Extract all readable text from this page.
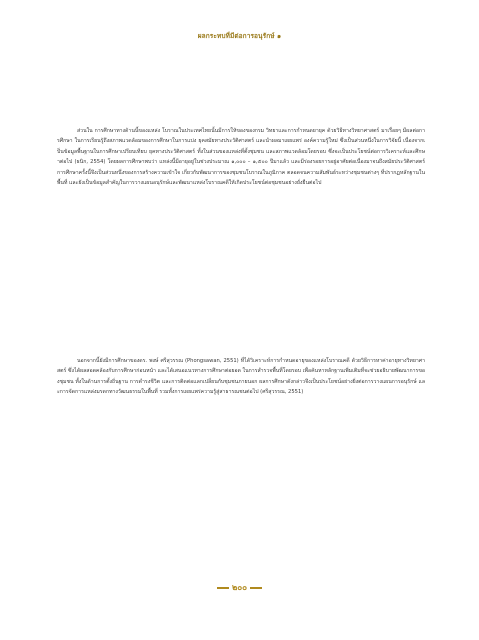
ผลกระทบที่มีต่อการอนุรักษ์ ๑
ส่วนใน การศึกษาทางด้านนี้ของแหล่ง โบราณในประเทศไทยนั้นมีการให้ของของกรม วิทยาและการกำหนดยายุค ด้วยวิธีทางวิทยาศาสตร์ มาเรื่อยๆ มีผลต่อการศึกษา ในการเรียนรู้ถึงสภาพแวดล้อมของการศึกษาในการแบ่ง ยุคสมัยทางประวัติศาสตร์ และนำผลมาเผยแพร่ องค์ความรู้ใหม่ ซึ่งเป็นส่วนหนึ่งในการวิจัยนี้ เนื่องจากเป็นข้อมูลพื้นฐานในการศึกษาเปรียบเทียบ ยุคทางประวัติศาสตร์ ทั้งในส่วนของแหล่งที่ตั้งชุมชน และสภาพแวดล้อมโดยรอบ ซึ่งจะเป็นประโยชน์ต่อการวิเคราะห์และศึกษาต่อไป (ธนิก, 2554) โดยผลการศึกษาพบว่า แหล่งนี้มีอายุอยู่ในช่วงประมาณ ๑,๐๐๐ – ๑,๕๐๐ ปีมาแล้ว และมีร่องรอยการอยู่อาศัยต่อเนื่องมาจนถึงสมัยประวัติศาสตร์ การศึกษาครั้งนี้จึงเป็นส่วนหนึ่งของการสร้างความเข้าใจ เกี่ยวกับพัฒนาการของชุมชนโบราณในภูมิภาค ตลอดจนความสัมพันธ์ระหว่างชุมชนต่างๆ ที่ปรากฏหลักฐานในพื้นที่ และยังเป็นข้อมูลสำคัญในการวางแผนอนุรักษ์และพัฒนาแหล่งโบราณคดีให้เกิดประโยชน์ต่อชุมชนอย่างยั่งยืนต่อไป
นอกจากนี้ยังมีการศึกษาของดร. พงษ์ ศรีสุวรรณ (Phongsawan, 2551) ที่ได้วิเคราะห์การกำหนดอายุของแหล่งโบราณคดี ด้วยวิธีการหาค่าอายุทางวิทยาศาสตร์ ซึ่งได้ผลสอดคล้องกับการศึกษาก่อนหน้า และได้เสนอแนวทางการศึกษาต่อยอด ในการสำรวจพื้นที่โดยรอบ เพื่อค้นหาหลักฐานเพิ่มเติมที่จะช่วยอธิบายพัฒนาการของชุมชน ทั้งในด้านการตั้งถิ่นฐาน การดำรงชีวิต และการติดต่อแลกเปลี่ยนกับชุมชนภายนอก ผลการศึกษาดังกล่าวจึงเป็นประโยชน์อย่างยิ่งต่อการวางแผนการอนุรักษ์ และการจัดการแหล่งมรดกทางวัฒนธรรมในพื้นที่ รวมทั้งการเผยแพร่ความรู้สู่สาธารณชนต่อไป (ศรีสุวรรณ, 2551)
๒๐๐
